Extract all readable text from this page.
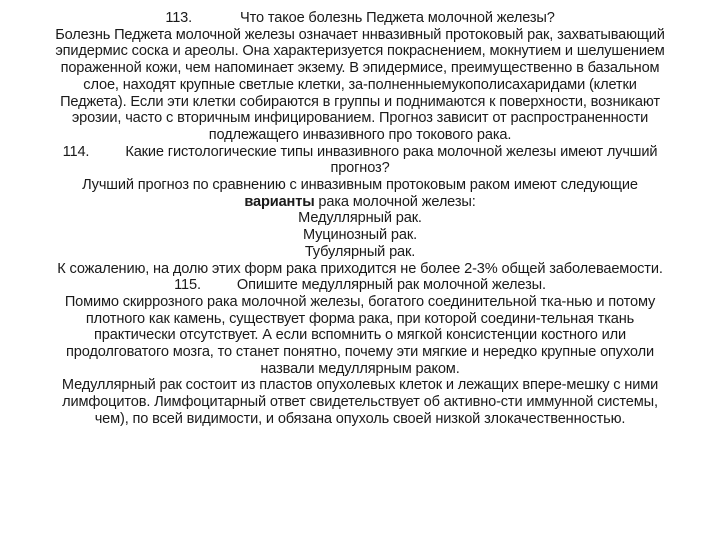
113.	Что такое болезнь Педжета молочной железы?
Болезнь Педжета молочной железы означает ннвазивный протоковый рак, захватывающий
эпидермис соска и ареолы. Она характеризуется покраснением, мокнутием и шелушением
пораженной кожи, чем напоминает экзему. В эпидермисе, преимущественно в базальном
слое, находят крупные светлые клетки, за-полненныемукополисахаридами (клетки
Педжета). Если эти клетки собираются в группы и поднимаются к поверхности, возникают
эрозии, часто с вторичным инфицированием. Прогноз зависит от распространенности
подлежащего инвазивного про токового рака.
114. Какие гистологические типы инвазивного рака молочной железы имеют лучший
прогноз?
Лучший прогноз по сравнению с инвазивным протоковым раком имеют следующие
варианты рака молочной железы:
Медуллярный рак.
Муцинозный рак.
Тубулярный рак.
К сожалению, на долю этих форм рака приходится не более 2-3% общей заболеваемости.
115. Опишите медуллярный рак молочной железы.
Помимо скиррозного рака молочной железы, богатого соединительной тка-нью и потому
плотного как камень, существует форма рака, при которой соедини-тельная ткань
практически отсутствует. А если вспомнить о мягкой консистенции костного или
продолговатого мозга, то станет понятно, почему эти мягкие и нередко крупные опухоли
назвали медуллярным раком.
Медуллярный рак состоит из пластов опухолевых клеток и лежащих впере-мешку с ними
лимфоцитов. Лимфоцитарный ответ свидетельствует об активно-сти иммунной системы,
чем), по всей видимости, и обязана опухоль своей низкой злокачественностью.
